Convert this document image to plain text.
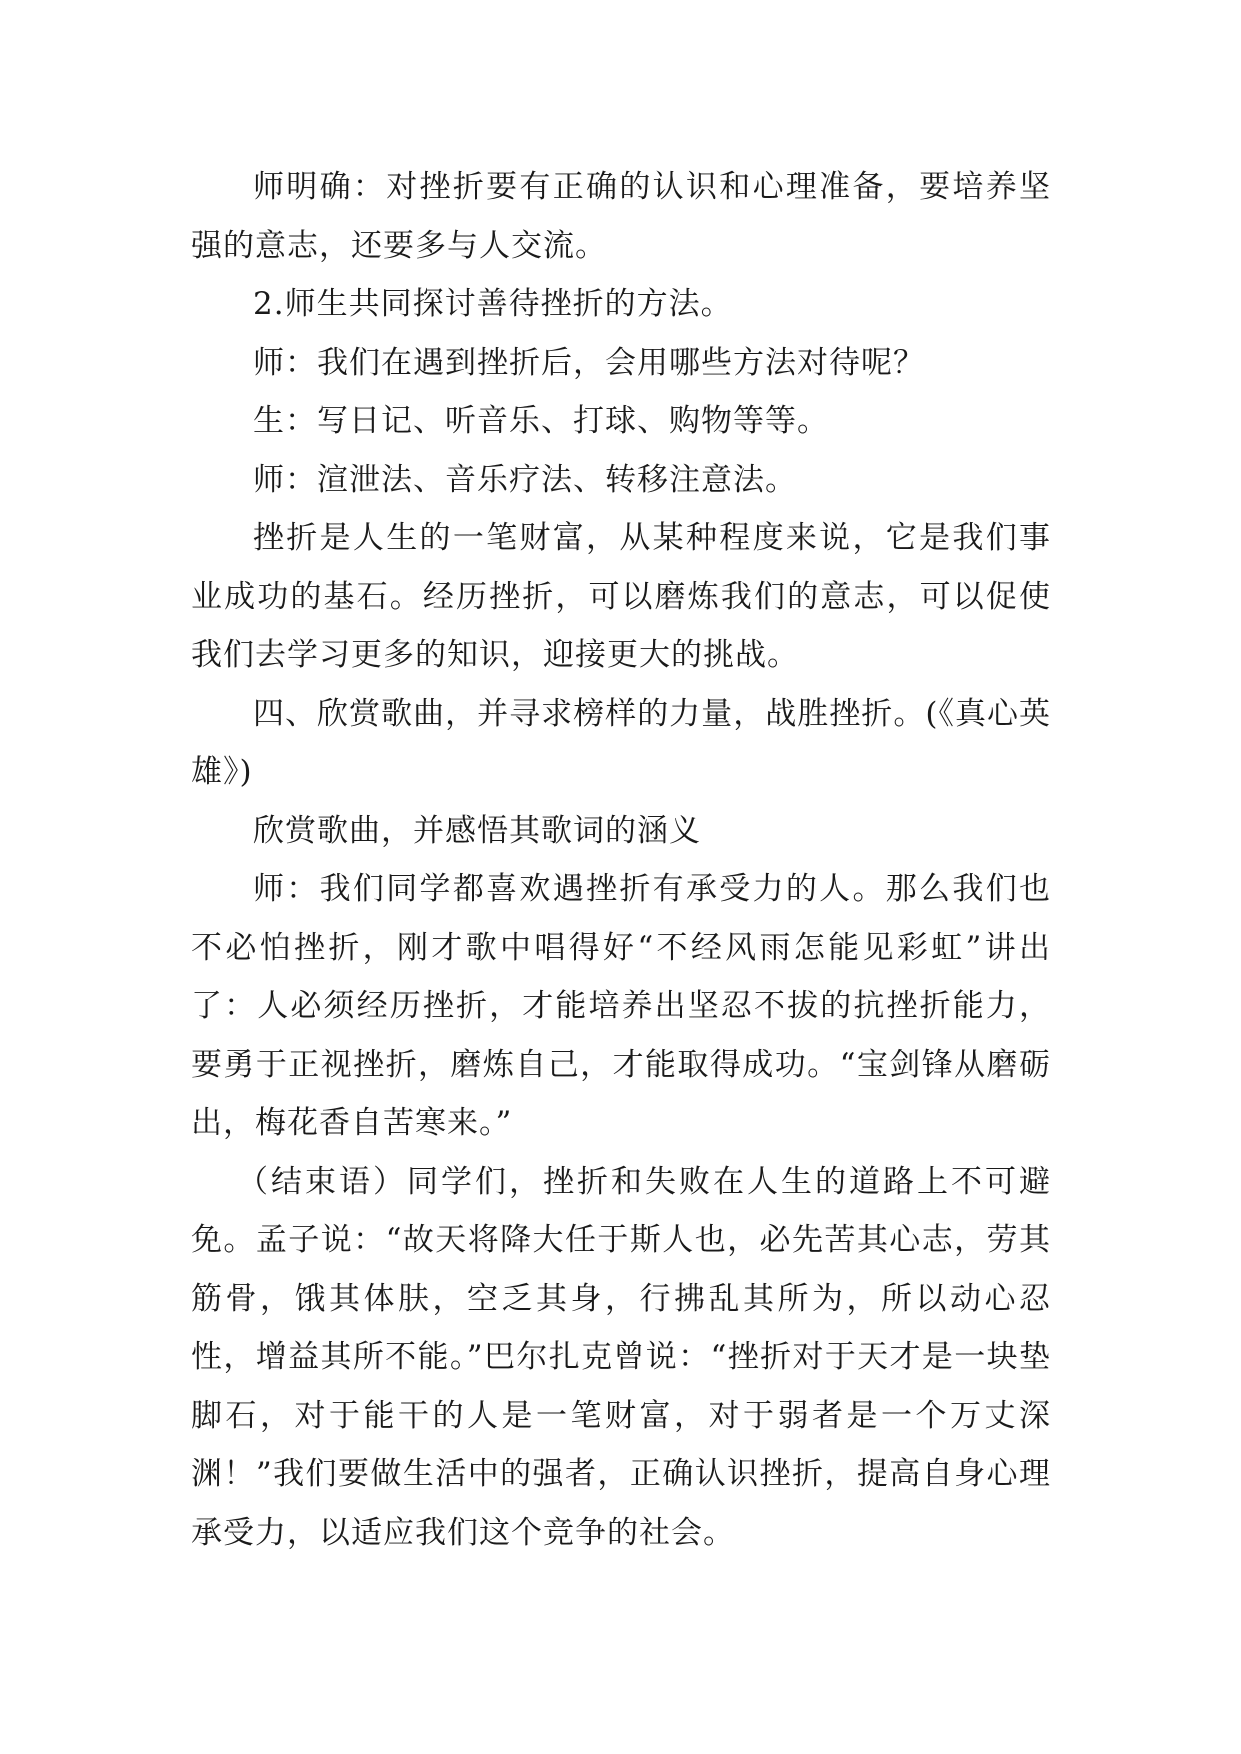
师明确：对挫折要有正确的认识和心理准备，要培养坚强的意志，还要多与人交流。

2.师生共同探讨善待挫折的方法。

师：我们在遇到挫折后，会用哪些方法对待呢？

生：写日记、听音乐、打球、购物等等。

师：渲泄法、音乐疗法、转移注意法。

挫折是人生的一笔财富，从某种程度来说，它是我们事业成功的基石。经历挫折，可以磨炼我们的意志，可以促使我们去学习更多的知识，迎接更大的挑战。

四、欣赏歌曲，并寻求榜样的力量，战胜挫折。(《真心英雄》)

欣赏歌曲，并感悟其歌词的涵义

师：我们同学都喜欢遇挫折有承受力的人。那么我们也不必怕挫折，刚才歌中唱得好“不经风雨怎能见彩虹”讲出了：人必须经历挫折，才能培养出坚忍不拔的抗挫折能力，要勇于正视挫折，磨炼自己，才能取得成功。“宝剑锋从磨砺出，梅花香自苦寒来。”

（结束语）同学们，挫折和失败在人生的道路上不可避免。孟子说：“故天将降大任于斯人也，必先苦其心志，劳其筋骨，饿其体肤，空乏其身，行拂乱其所为，所以动心忍性，增益其所不能。”巴尔扎克曾说：“挫折对于天才是一块垫脚石，对于能干的人是一笔财富，对于弱者是一个万丈深渊！”我们要做生活中的强者，正确认识挫折，提高自身心理承受力，以适应我们这个竞争的社会。
